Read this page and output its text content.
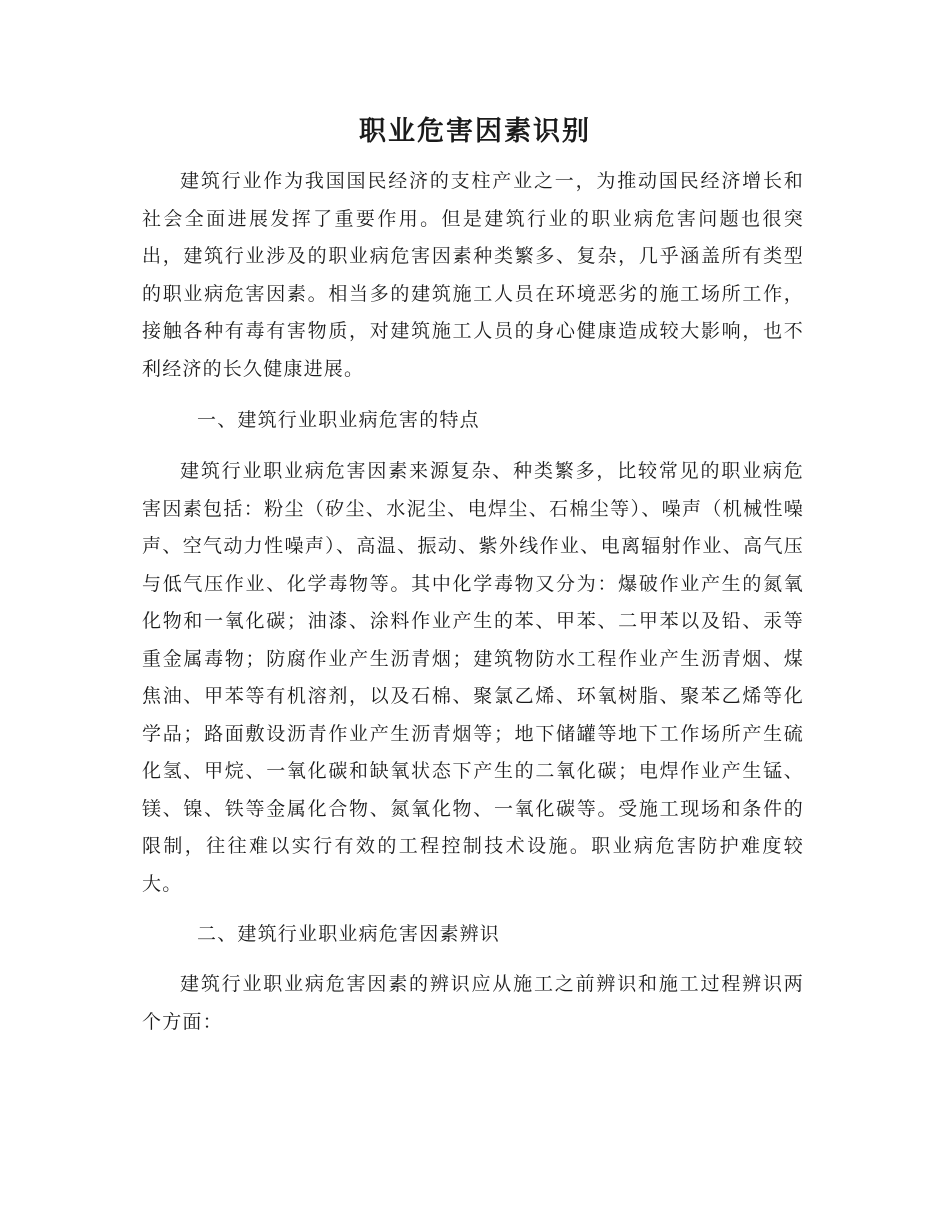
职业危害因素识别

建筑行业作为我国国民经济的支柱产业之一，为推动国民经济增长和社会全面进展发挥了重要作用。但是建筑行业的职业病危害问题也很突出，建筑行业涉及的职业病危害因素种类繁多、复杂，几乎涵盖所有类型的职业病危害因素。相当多的建筑施工人员在环境恶劣的施工场所工作，接触各种有毒有害物质，对建筑施工人员的身心健康造成较大影响，也不利经济的长久健康进展。

一、建筑行业职业病危害的特点

建筑行业职业病危害因素来源复杂、种类繁多，比较常见的职业病危害因素包括：粉尘（矽尘、水泥尘、电焊尘、石棉尘等）、噪声（机械性噪声、空气动力性噪声）、高温、振动、紫外线作业、电离辐射作业、高气压与低气压作业、化学毒物等。其中化学毒物又分为：爆破作业产生的氮氧化物和一氧化碳；油漆、涂料作业产生的苯、甲苯、二甲苯以及铅、汞等重金属毒物；防腐作业产生沥青烟；建筑物防水工程作业产生沥青烟、煤焦油、甲苯等有机溶剂，以及石棉、聚氯乙烯、环氧树脂、聚苯乙烯等化学品；路面敷设沥青作业产生沥青烟等；地下储罐等地下工作场所产生硫化氢、甲烷、一氧化碳和缺氧状态下产生的二氧化碳；电焊作业产生锰、镁、镍、铁等金属化合物、氮氧化物、一氧化碳等。受施工现场和条件的限制，往往难以实行有效的工程控制技术设施。职业病危害防护难度较大。

二、建筑行业职业病危害因素辨识

建筑行业职业病危害因素的辨识应从施工之前辨识和施工过程辨识两个方面：
